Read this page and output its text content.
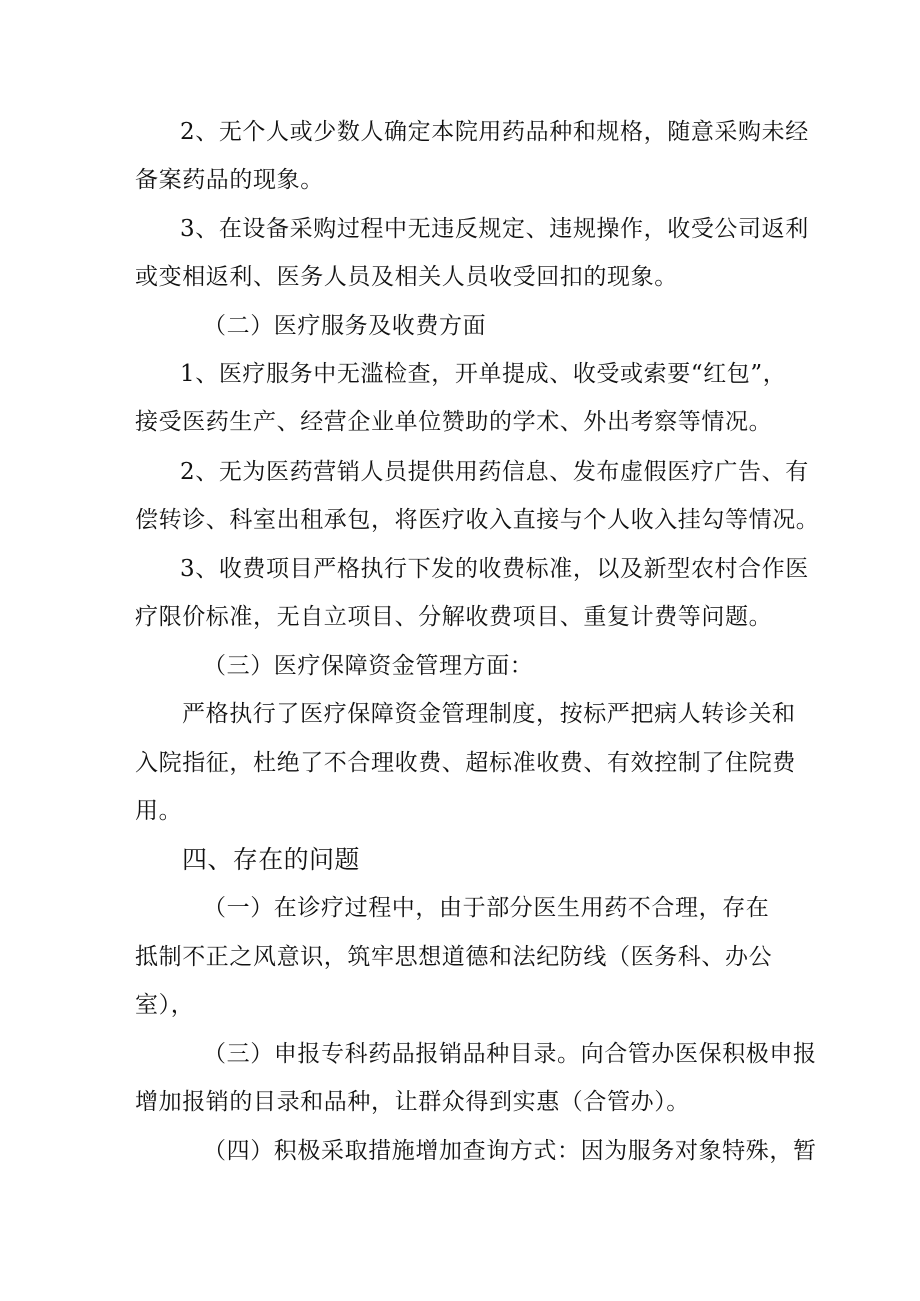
2、无个人或少数人确定本院用药品种和规格，随意采购未经
备案药品的现象。
3、在设备采购过程中无违反规定、违规操作，收受公司返利
或变相返利、医务人员及相关人员收受回扣的现象。
（二）医疗服务及收费方面
1、医疗服务中无滥检查，开单提成、收受或索要“红包”，
接受医药生产、经营企业单位赞助的学术、外出考察等情况。
2、无为医药营销人员提供用药信息、发布虚假医疗广告、有
偿转诊、科室出租承包，将医疗收入直接与个人收入挂勾等情况。
3、收费项目严格执行下发的收费标准，以及新型农村合作医
疗限价标准，无自立项目、分解收费项目、重复计费等问题。
（三）医疗保障资金管理方面：
严格执行了医疗保障资金管理制度，按标严把病人转诊关和
入院指征，杜绝了不合理收费、超标准收费、有效控制了住院费
用。
四、存在的问题
（一）在诊疗过程中，由于部分医生用药不合理，存在
抵制不正之风意识，筑牢思想道德和法纪防线（医务科、办公
室），
（三）申报专科药品报销品种目录。向合管办医保积极申报
增加报销的目录和品种，让群众得到实惠（合管办）。
（四）积极采取措施增加查询方式：因为服务对象特殊，暂
